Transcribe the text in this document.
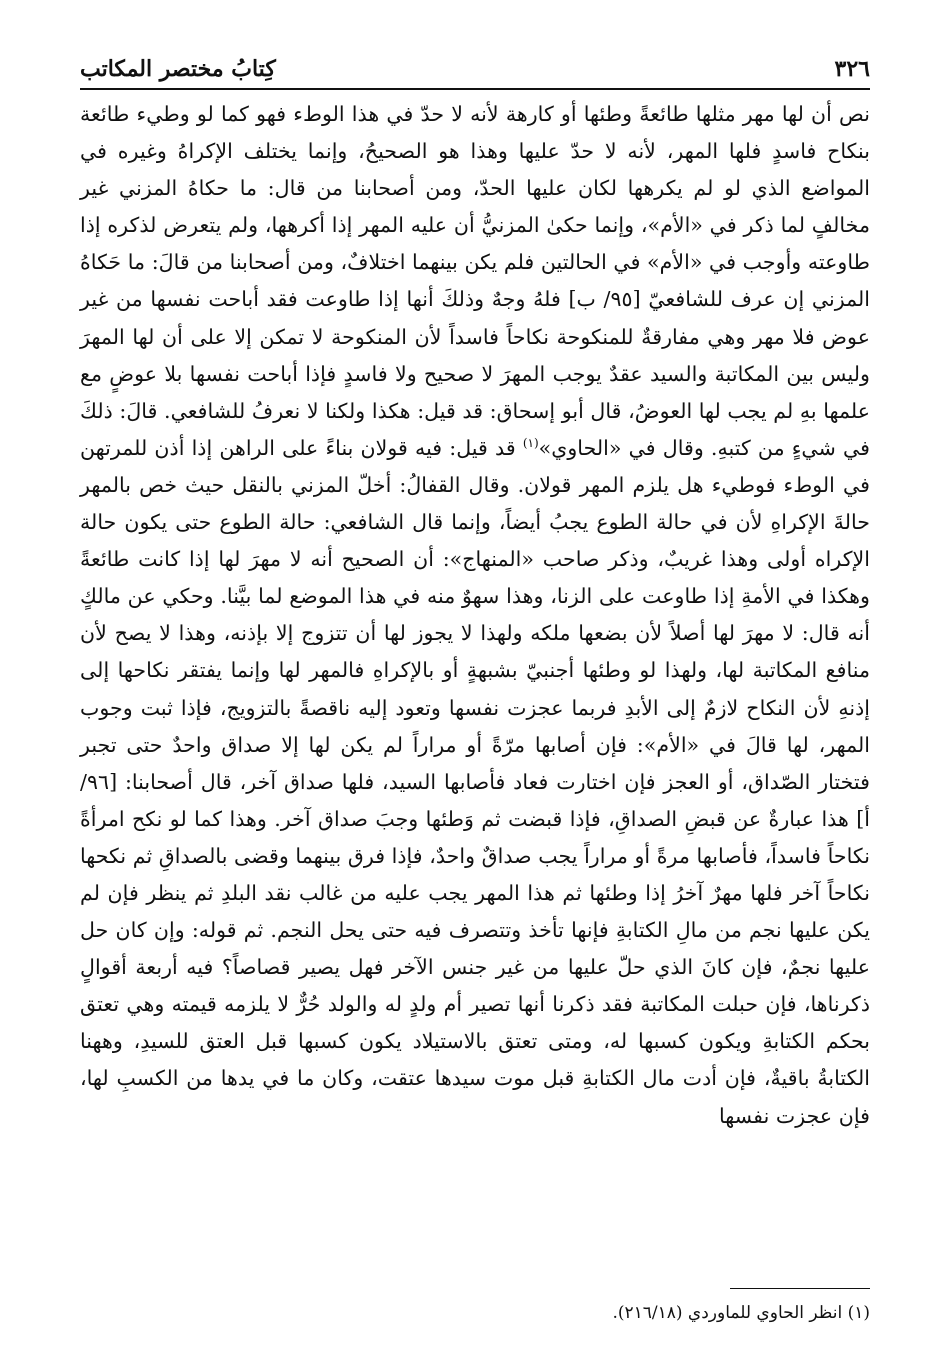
٣٢٦
كِتابُ مختصر المكاتب

نص أن لها مهر مثلها طائعةً وطئها أو كارهة لأنه لا حدّ في هذا الوطء فهو كما لو وطيء طائعة بنكاح فاسدٍ فلها المهر، لأنه لا حدّ عليها وهذا هو الصحيحُ، وإنما يختلف الإكراهُ وغيره في المواضع الذي لو لم يكرهها لكان عليها الحدّ، ومن أصحابنا من قال: ما حكاهُ المزني غير مخالفٍ لما ذكر في «الأم»، وإنما حكىٰ المزنيُّ أن عليه المهر إذا أكرهها، ولم يتعرض لذكره إذا طاوعته وأوجب في «الأم» في الحالتين فلم يكن بينهما اختلافٌ، ومن أصحابنا من قالَ: ما حَكاهُ المزني إن عرف للشافعيّ [٩٥/ ب] فلهُ وجهٌ وذلكَ أنها إذا طاوعت فقد أباحت نفسها من غير عوض فلا مهر وهي مفارقةٌ للمنكوحة نكاحاً فاسداً لأن المنكوحة لا تمكن إلا على أن لها المهرَ وليس بين المكاتبة والسيد عقدٌ يوجب المهرَ لا صحيح ولا فاسدٍ فإذا أباحت نفسها بلا عوضٍ مع علمها بهِ لم يجب لها العوضُ، قال أبو إسحاق: قد قيل: هكذا ولكنا لا نعرفُ للشافعي. قالَ: ذلكَ في شيءٍ من كتبهِ. وقال في «الحاوي»$^{(١)}$ قد قيل: فيه قولان بناءً على الراهن إذا أذن للمرتهن في الوطء فوطيء هل يلزم المهر قولان. وقال القفالُ: أخلّ المزني بالنقل حيث خص بالمهر حالةَ الإكراهِ لأن في حالة الطوع يجبُ أيضاً، وإنما قال الشافعي: حالة الطوع حتى يكون حالة الإكراه أولى وهذا غريبٌ، وذكر صاحب «المنهاج»: أن الصحيح أنه لا مهرَ لها إذا كانت طائعةً وهكذا في الأمةِ إذا طاوعت على الزنا، وهذا سهوٌ منه في هذا الموضع لما بيَّنا. وحكي عن مالكٍ أنه قال: لا مهرَ لها أصلاً لأن بضعها ملكه ولهذا لا يجوز لها أن تتزوج إلا بإذنه، وهذا لا يصح لأن منافع المكاتبة لها، ولهذا لو وطئها أجنبيّ بشبهةٍ أو بالإكراهِ فالمهر لها وإنما يفتقر نكاحها إلى إذنهِ لأن النكاح لازمٌ إلى الأبدِ فربما عجزت نفسها وتعود إليه ناقصةً بالتزويج، فإذا ثبت وجوب المهر، لها قالَ في «الأم»: فإن أصابها مرّةً أو مراراً لم يكن لها إلا صداق واحدٌ حتى تجبر فتختار الصّداق، أو العجز فإن اختارت فعاد فأصابها السيد، فلها صداق آخر، قال أصحابنا: [٩٦/ أ] هذا عبارةٌ عن قبضِ الصداقِ، فإذا قبضت ثم وَطئها وجبَ صداق آخر. وهذا كما لو نكح امرأةً نكاحاً فاسداً، فأصابها مرةً أو مراراً يجب صداقٌ واحدٌ، فإذا فرق بينهما وقضى بالصداقِ ثم نكحها نكاحاً آخر فلها مهرٌ آخرُ إذا وطئها ثم هذا المهر يجب عليه من غالب نقد البلدِ ثم ينظر فإن لم يكن عليها نجم من مالِ الكتابةِ فإنها تأخذ وتتصرف فيه حتى يحل النجم. ثم قوله: وإن كان حل عليها نجمٌ، فإن كانَ الذي حلّ عليها من غير جنس الآخر فهل يصير قصاصاً؟ فيه أربعة أقوالٍ ذكرناها، فإن حبلت المكاتبة فقد ذكرنا أنها تصير أم ولدٍ له والولد حُرٌّ لا يلزمه قيمته وهي تعتق بحكم الكتابةِ ويكون كسبها له، ومتى تعتق بالاستيلاد يكون كسبها قبل العتق للسيدِ، وههنا الكتابةُ باقيةٌ، فإن أدت مال الكتابةِ قبل موت سيدها عتقت، وكان ما في يدها من الكسبِ لها، فإن عجزت نفسها

(١) انظر الحاوي للماوردي (٢١٦/١٨).
